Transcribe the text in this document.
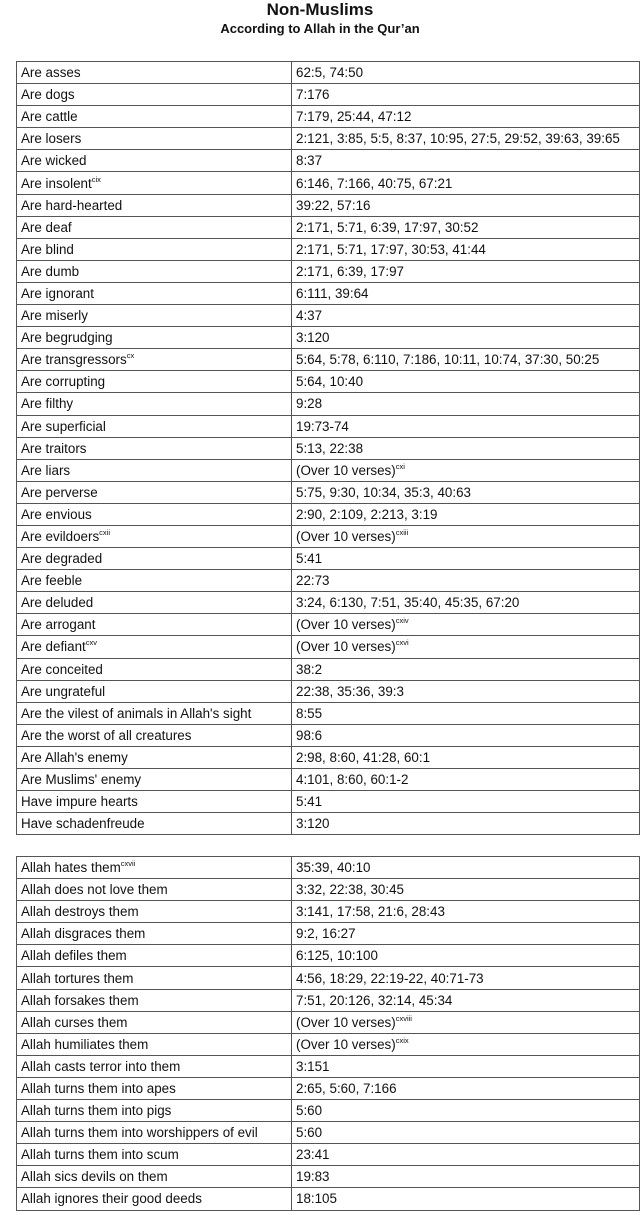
Non-Muslims
According to Allah in the Qur’an
Are asses	62:5, 74:50
Are dogs	7:176
Are cattle	7:179, 25:44, 47:12
Are losers	2:121, 3:85, 5:5, 8:37, 10:95, 27:5, 29:52, 39:63, 39:65
Are wicked	8:37
Are insolent$^{cix}$	6:146, 7:166, 40:75, 67:21
Are hard-hearted	39:22, 57:16
Are deaf	2:171, 5:71, 6:39, 17:97, 30:52
Are blind	2:171, 5:71, 17:97, 30:53, 41:44
Are dumb	2:171, 6:39, 17:97
Are ignorant	6:111, 39:64
Are miserly	4:37
Are begrudging	3:120
Are transgressors$^{cx}$	5:64, 5:78, 6:110, 7:186, 10:11, 10:74, 37:30, 50:25
Are corrupting	5:64, 10:40
Are filthy	9:28
Are superficial	19:73-74
Are traitors	5:13, 22:38
Are liars	(Over 10 verses)$^{cxi}$
Are perverse	5:75, 9:30, 10:34, 35:3, 40:63
Are envious	2:90, 2:109, 2:213, 3:19
Are evildoers$^{cxii}$	(Over 10 verses)$^{cxiii}$
Are degraded	5:41
Are feeble	22:73
Are deluded	3:24, 6:130, 7:51, 35:40, 45:35, 67:20
Are arrogant	(Over 10 verses)$^{cxiv}$
Are defiant$^{cxv}$	(Over 10 verses)$^{cxvi}$
Are conceited	38:2
Are ungrateful	22:38, 35:36, 39:3
Are the vilest of animals in Allah's sight	8:55
Are the worst of all creatures	98:6
Are Allah's enemy	2:98, 8:60, 41:28, 60:1
Are Muslims' enemy	4:101, 8:60, 60:1-2
Have impure hearts	5:41
Have schadenfreude	3:120
Allah hates them$^{cxvii}$	35:39, 40:10
Allah does not love them	3:32, 22:38, 30:45
Allah destroys them	3:141, 17:58, 21:6, 28:43
Allah disgraces them	9:2, 16:27
Allah defiles them	6:125, 10:100
Allah tortures them	4:56, 18:29, 22:19-22, 40:71-73
Allah forsakes them	7:51, 20:126, 32:14, 45:34
Allah curses them	(Over 10 verses)$^{cxviii}$
Allah humiliates them	(Over 10 verses)$^{cxix}$
Allah casts terror into them	3:151
Allah turns them into apes	2:65, 5:60, 7:166
Allah turns them into pigs	5:60
Allah turns them into worshippers of evil	5:60
Allah turns them into scum	23:41
Allah sics devils on them	19:83
Allah ignores their good deeds	18:105
